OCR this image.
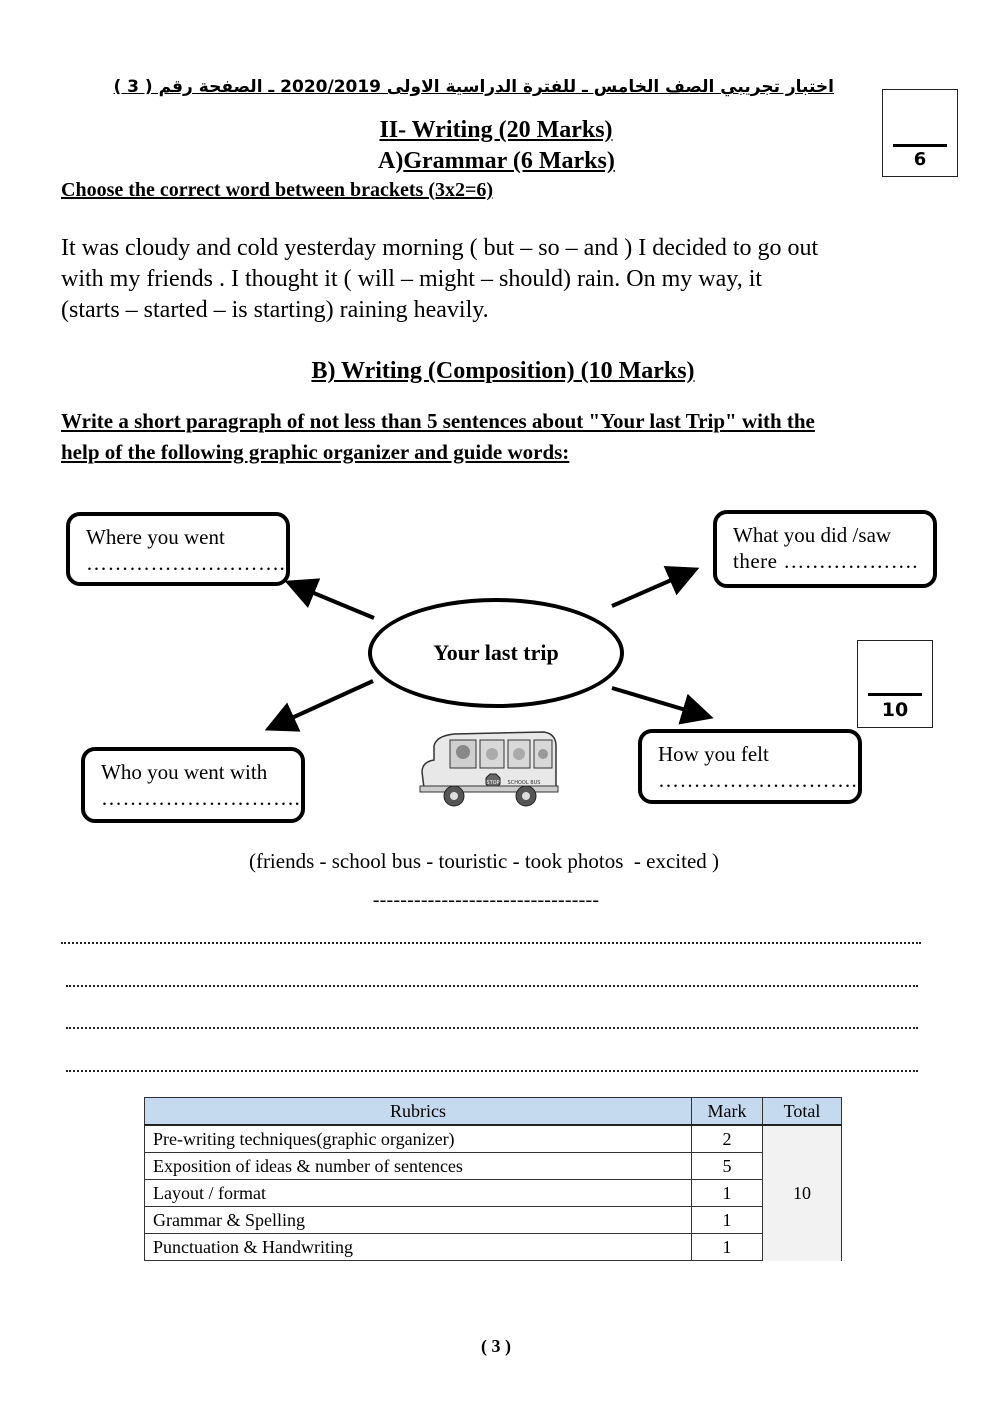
اختبار تجريبي الصف الخامس ـ للفترة الدراسية الاولى 2020/2019 ـ الصفحة رقم ( 3 )
6
II- Writing (20 Marks)
A)Grammar (6 Marks)
Choose the correct word between brackets (3x2=6)
It was cloudy and cold yesterday morning ( but – so – and ) I decided to go out
with my friends . I thought it ( will – might – should) rain. On my way, it
(starts – started – is starting) raining heavily.
B) Writing (Composition) (10 Marks)
Write a short paragraph of not less than 5 sentences about "Your last Trip" with the
help of the following graphic organizer and guide words:
Where you went
……………………….
What you did /saw
there ……………….
Who you went with
……………………….
How you felt
……………………….
Your last trip
10
STOP SCHOOL BUS
(friends - school bus - touristic - took photos  - excited )
---------------------------------
Rubrics	Mark	Total
Pre-writing techniques(graphic organizer)	2	10
Exposition of ideas & number of sentences	5	
Layout / format	1	
Grammar & Spelling	1	
Punctuation & Handwriting	1	
( 3 )
